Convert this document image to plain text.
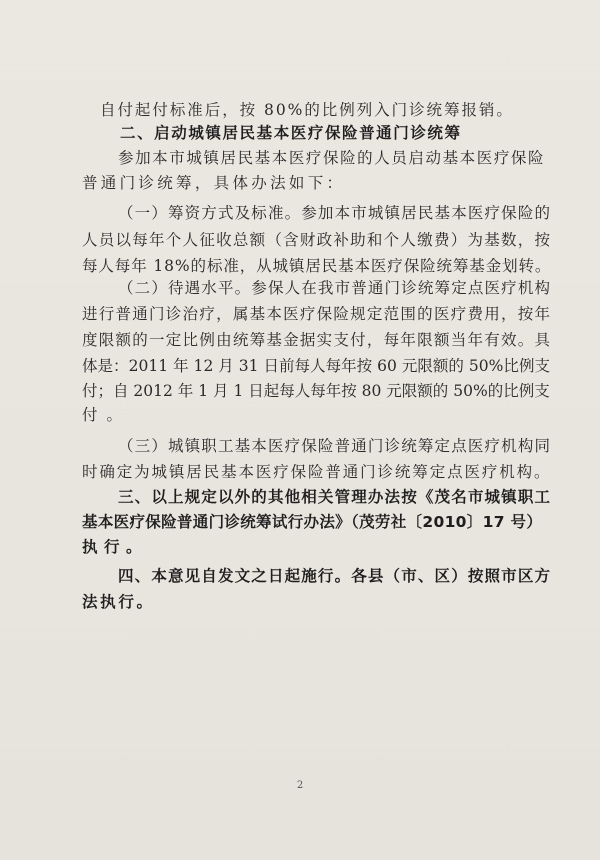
自付起付标准后，按 80%的比例列入门诊统筹报销。
二、启动城镇居民基本医疗保险普通门诊统筹
参加本市城镇居民基本医疗保险的人员启动基本医疗保险
普通门诊统筹，具体办法如下：
（一）筹资方式及标准。参加本市城镇居民基本医疗保险的
人员以每年个人征收总额（含财政补助和个人缴费）为基数，按
每人每年 18%的标准，从城镇居民基本医疗保险统筹基金划转。
（二）待遇水平。参保人在我市普通门诊统筹定点医疗机构
进行普通门诊治疗，属基本医疗保险规定范围的医疗费用，按年
度限额的一定比例由统筹基金据实支付，每年限额当年有效。具
体是：2011 年 12 月 31 日前每人每年按 60 元限额的 50%比例支
付；自 2012 年 1 月 1 日起每人每年按 80 元限额的 50%的比例支
付。
（三）城镇职工基本医疗保险普通门诊统筹定点医疗机构同
时确定为城镇居民基本医疗保险普通门诊统筹定点医疗机构。
三、以上规定以外的其他相关管理办法按《茂名市城镇职工
基本医疗保险普通门诊统筹试行办法》（茂劳社〔2010〕17 号）
执行。
四、本意见自发文之日起施行。各县（市、区）按照市区方
法执行。
2
